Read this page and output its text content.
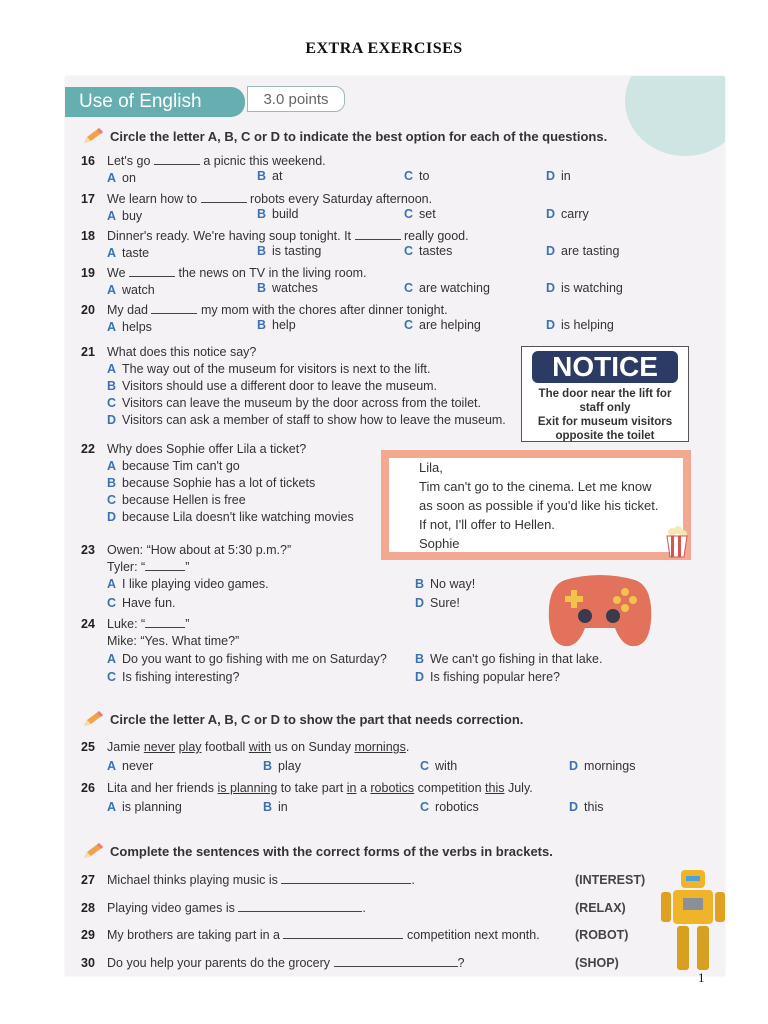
EXTRA EXERCISES
Use of English	3.0 points
Circle the letter A, B, C or D to indicate the best option for each of the questions.
16 Let's go	a picnic this weekend.
A on	B at	C to	D in
17 We learn how to	robots every Saturday afternoon.
A buy	B build	C set	D carry
18 Dinner's ready. We're having soup tonight. It	really good.
A taste	B is tasting	C tastes	D are tasting
19 We	the news on TV in the living room.
A watch	B watches	C are watching	D is watching
20 My dad	my mom with the chores after dinner tonight.
A helps	B help	C are helping	D is helping
21 What does this notice say?
A The way out of the museum for visitors is next to the lift.
B Visitors should use a different door to leave the museum.
C Visitors can leave the museum by the door across from the toilet.
D Visitors can ask a member of staff to show how to leave the museum.
NOTICE
The door near the lift for
staff only
Exit for museum visitors
opposite the toilet
22 Why does Sophie offer Lila a ticket?
A because Tim can't go
B because Sophie has a lot of tickets
C because Hellen is free
D because Lila doesn't like watching movies
Lila,
Tim can't go to the cinema. Let me know
as soon as possible if you'd like his ticket.
If not, I'll offer to Hellen.
Sophie
23 Owen: “How about at 5:30 p.m.?”
Tyler: “	”
A I like playing video games.	B No way!
C Have fun.	D Sure!
24 Luke: “	”
Mike: “Yes. What time?”
A Do you want to go fishing with me on Saturday? B We can't go fishing in that lake.
C Is fishing interesting?	D Is fishing popular here?
Circle the letter A, B, C or D to show the part that needs correction.
25 Jamie never play football with us on Sunday mornings.
A never	B play	C with	D mornings
26 Lita and her friends is planning to take part in a robotics competition this July.
A is planning	B in	C robotics	D this
Complete the sentences with the correct forms of the verbs in brackets.
27 Michael thinks playing music is	.	(INTEREST)
28 Playing video games is	.	(RELAX)
29 My brothers are taking part in a	competition next month.	(ROBOT)
30 Do you help your parents do the grocery	?	(SHOP)
1
